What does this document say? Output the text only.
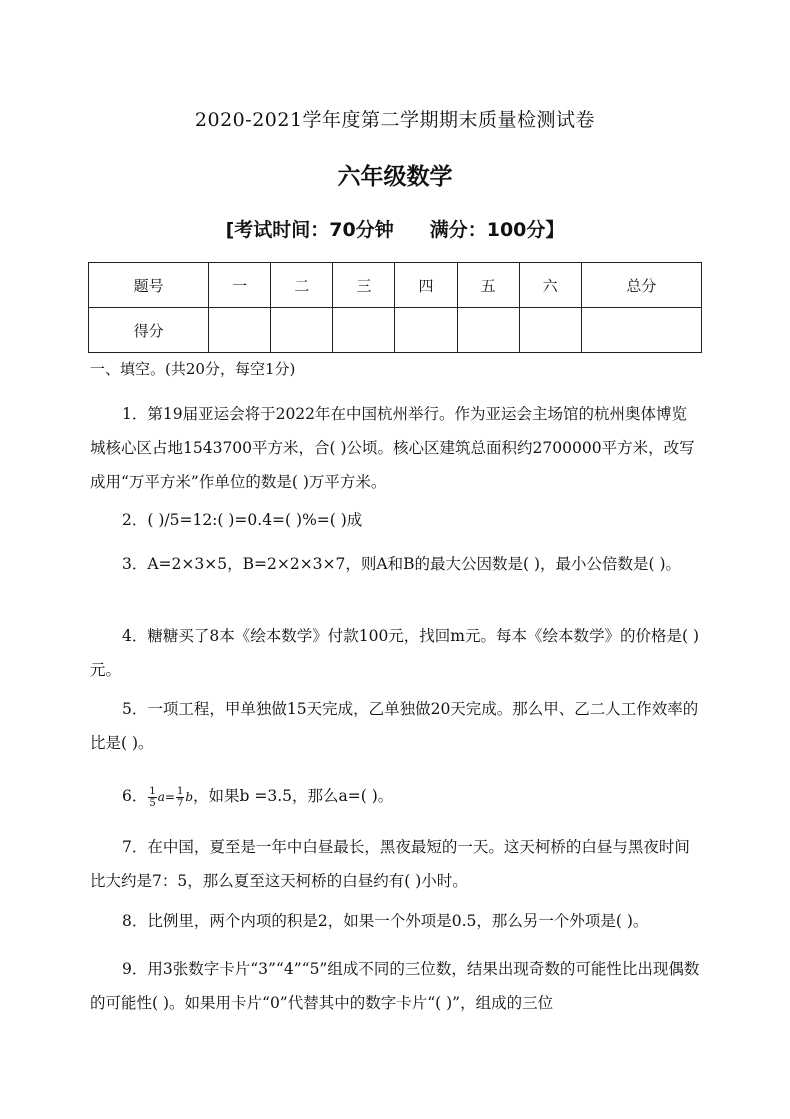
2020-2021学年度第二学期期末质量检测试卷
六年级数学
[考试时间：70分钟 满分：100分】
题号	一	二	三	四	五	六	总分
得分							
一、填空。(共20分，每空1分)
1．第19届亚运会将于2022年在中国杭州举行。作为亚运会主场馆的杭州奥体博览城核心区占地1543700平方米，合( )公顷。核心区建筑总面积约2700000平方米，改写成用“万平方米”作单位的数是( )万平方米。
2．( )/5=12:( )=0.4=( )%=( )成
3．A=2×3×5，B=2×2×3×7，则A和B的最大公因数是( )，最小公倍数是( )。
4．糖糖买了8本《绘本数学》付款100元，找回m元。每本《绘本数学》的价格是( )元。
5．一项工程，甲单独做15天完成，乙单独做20天完成。那么甲、乙二人工作效率的比是( )。
6． $\frac{1}{5} a= \frac{1}{7}$ b，如果b =3.5，那么a=( )。
7．在中国，夏至是一年中白昼最长，黑夜最短的一天。这天柯桥的白昼与黑夜时间比大约是7：5，那么夏至这天柯桥的白昼约有( )小时。
8．比例里，两个内项的积是2，如果一个外项是0.5，那么另一个外项是( )。
9．用3张数字卡片“3”“4”“5”组成不同的三位数，结果出现奇数的可能性比出现偶数的可能性( )。如果用卡片“0”代替其中的数字卡片“( )”，组成的三位
